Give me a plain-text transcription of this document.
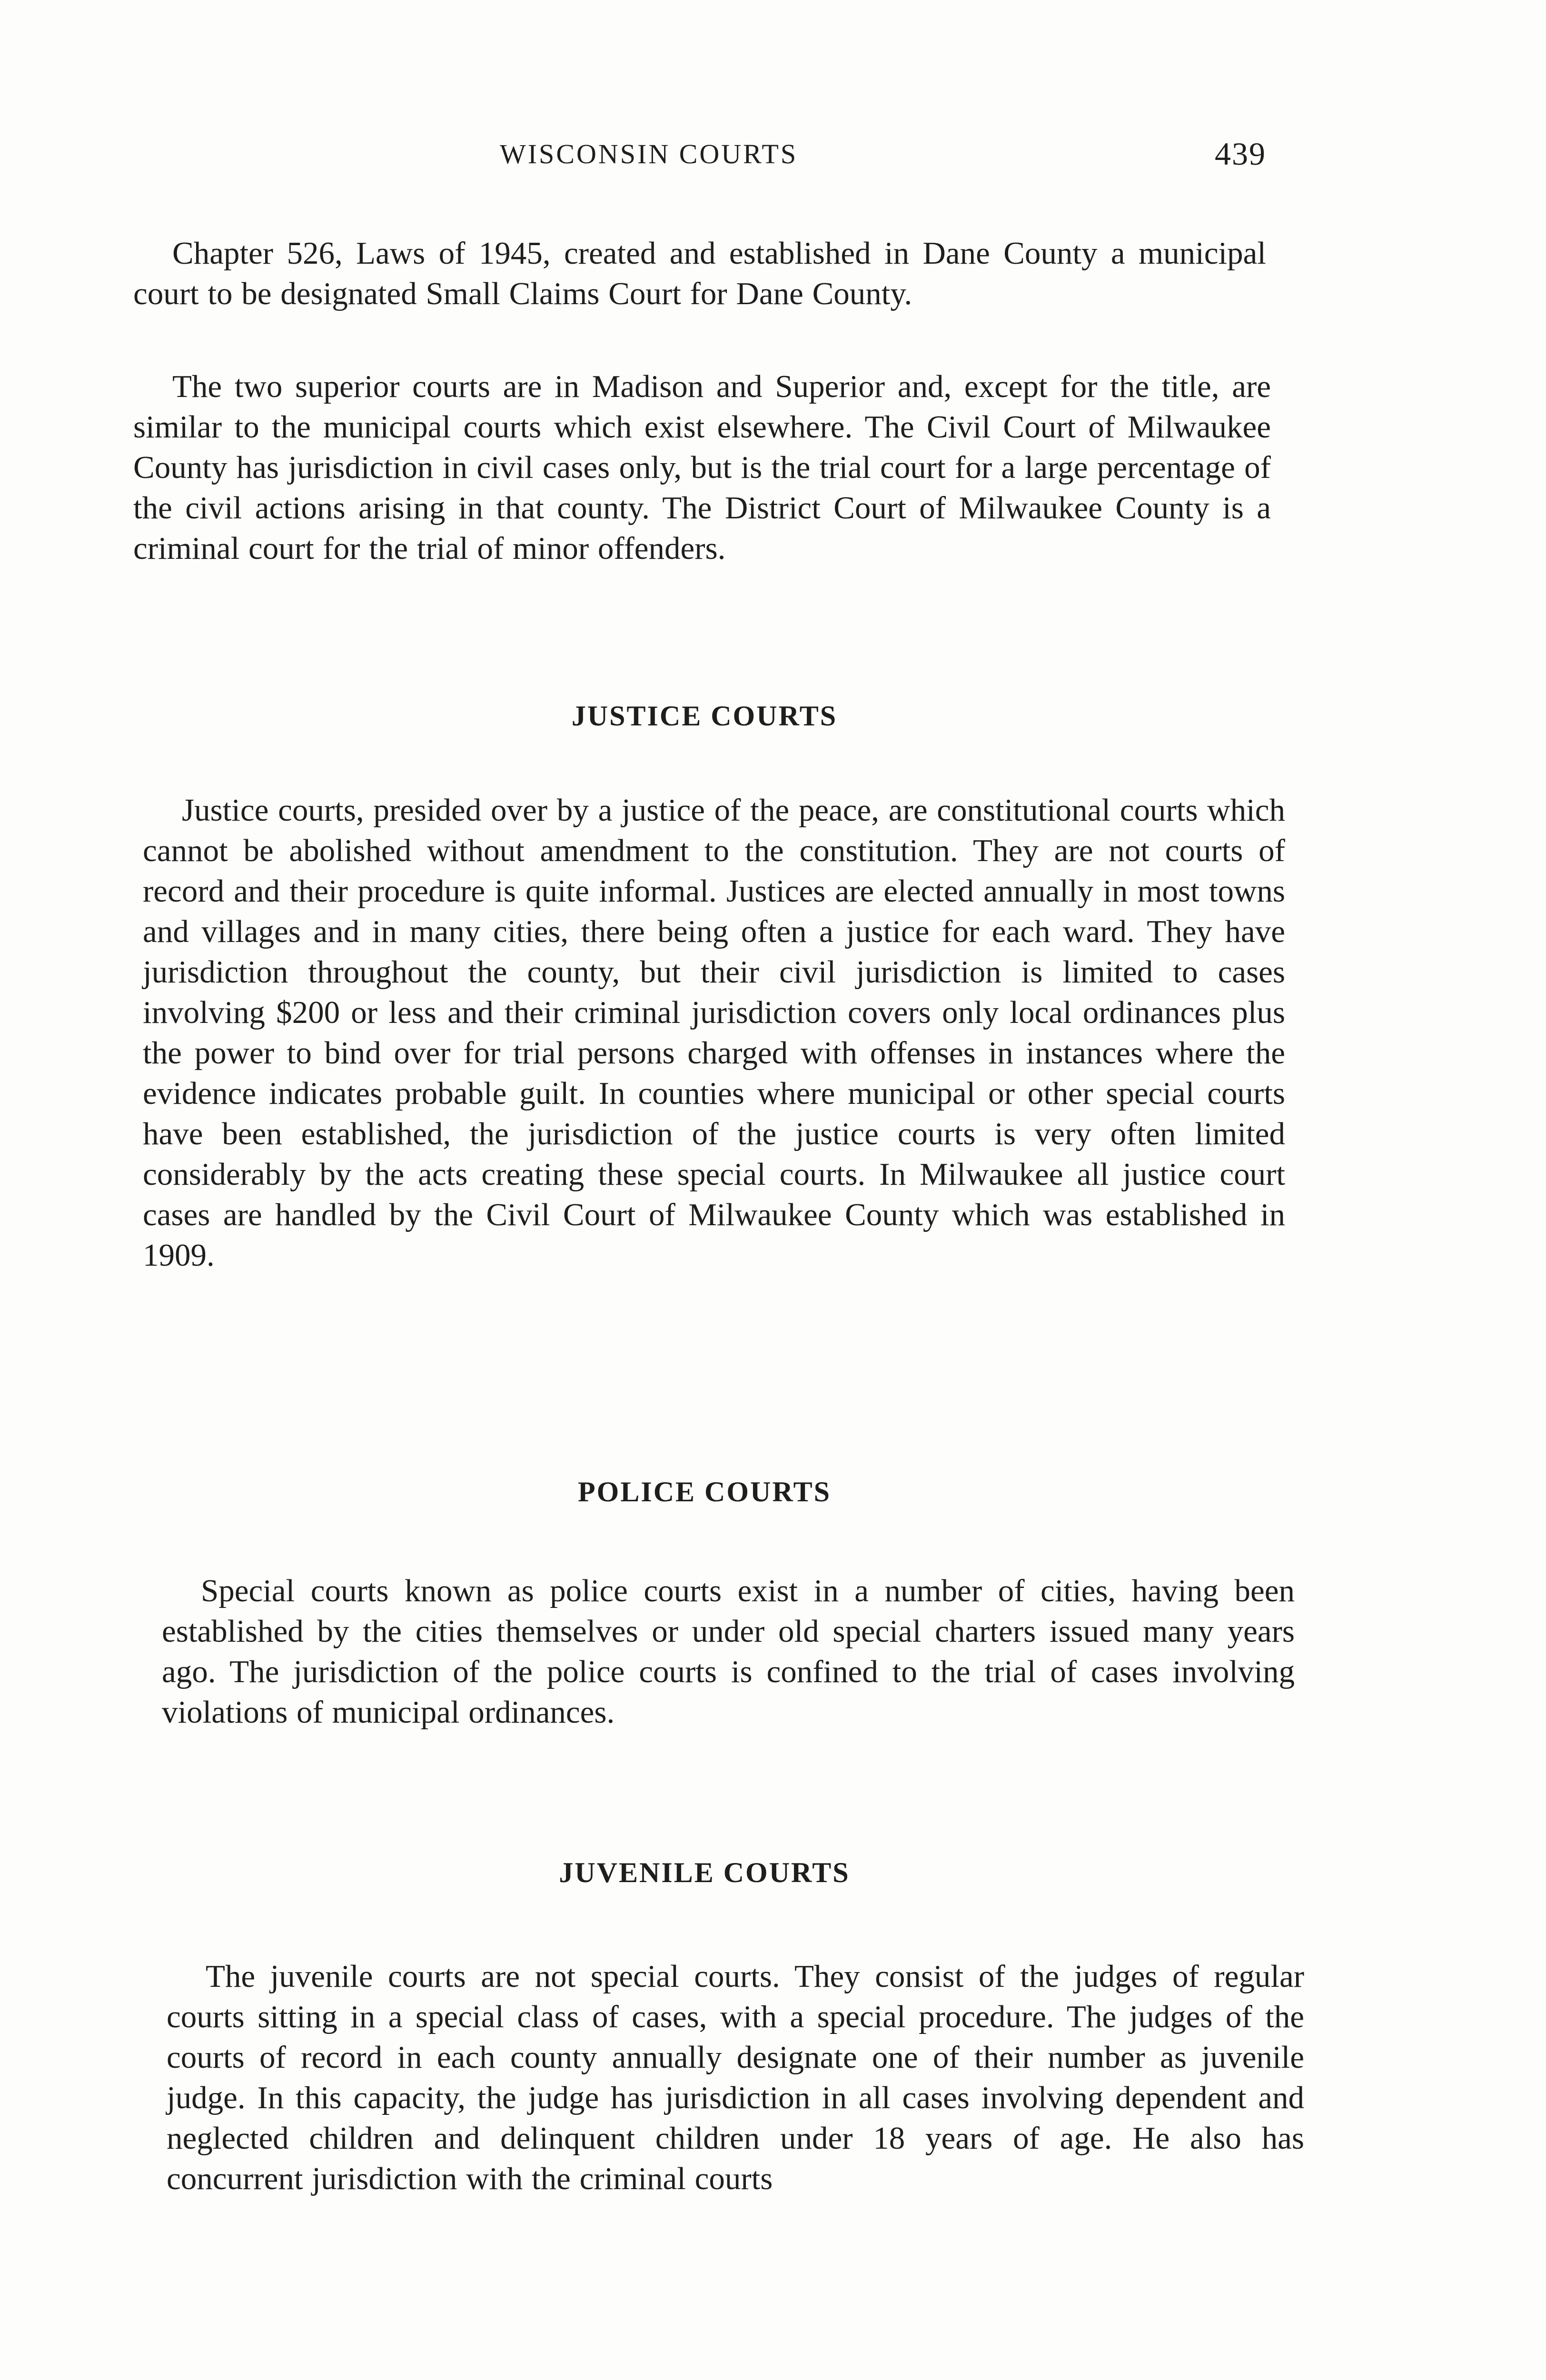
WISCONSIN COURTS	439

Chapter 526, Laws of 1945, created and established in Dane County a municipal court to be designated Small Claims Court for Dane County.

The two superior courts are in Madison and Superior and, except for the title, are similar to the municipal courts which exist elsewhere. The Civil Court of Milwaukee County has jurisdiction in civil cases only, but is the trial court for a large percentage of the civil actions arising in that county. The District Court of Milwaukee County is a criminal court for the trial of minor offenders.

JUSTICE COURTS

Justice courts, presided over by a justice of the peace, are constitutional courts which cannot be abolished without amendment to the constitution. They are not courts of record and their procedure is quite informal. Justices are elected annually in most towns and villages and in many cities, there being often a justice for each ward. They have jurisdiction throughout the county, but their civil jurisdiction is limited to cases involving $200 or less and their criminal jurisdiction covers only local ordinances plus the power to bind over for trial persons charged with offenses in instances where the evidence indicates probable guilt. In counties where municipal or other special courts have been established, the jurisdiction of the justice courts is very often limited considerably by the acts creating these special courts. In Milwaukee all justice court cases are handled by the Civil Court of Milwaukee County which was established in 1909.

POLICE COURTS

Special courts known as police courts exist in a number of cities, having been established by the cities themselves or under old special charters issued many years ago. The jurisdiction of the police courts is confined to the trial of cases involving violations of municipal ordinances.

JUVENILE COURTS

The juvenile courts are not special courts. They consist of the judges of regular courts sitting in a special class of cases, with a special procedure. The judges of the courts of record in each county annually designate one of their number as juvenile judge. In this capacity, the judge has jurisdiction in all cases involving dependent and neglected children and delinquent children under 18 years of age. He also has concurrent jurisdiction with the criminal courts
